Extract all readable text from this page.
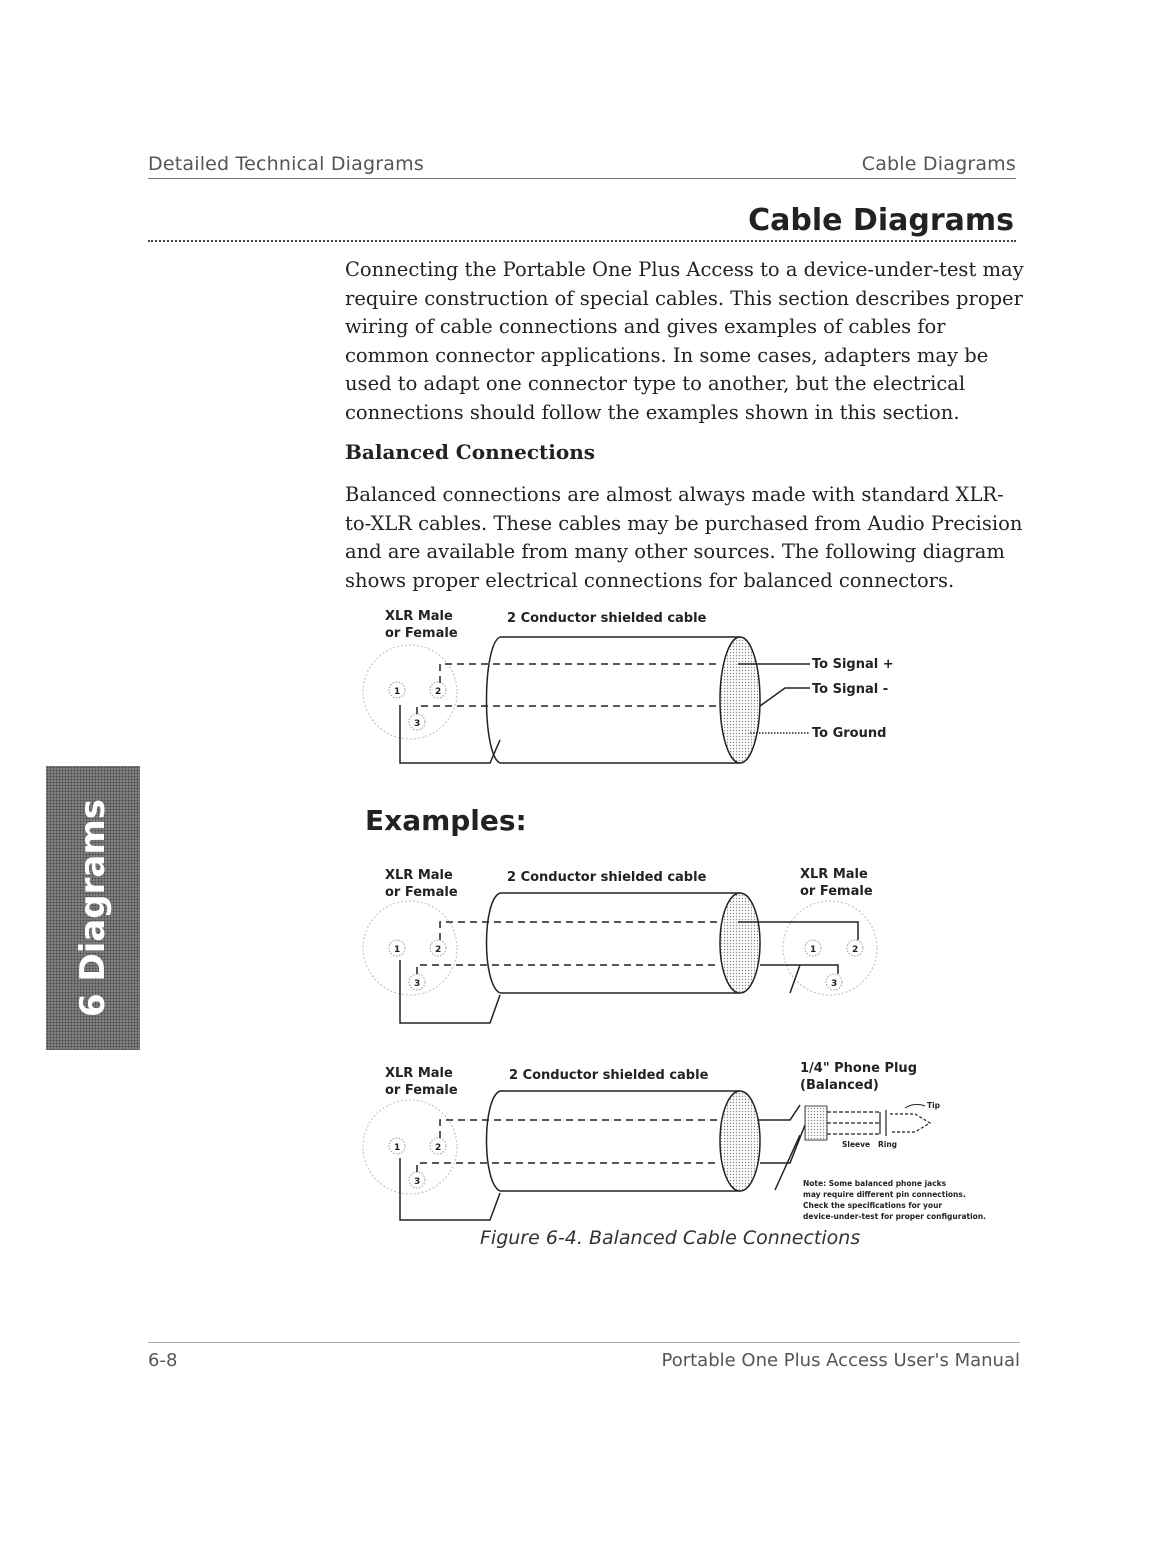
Detailed Technical Diagrams	Cable Diagrams
Cable Diagrams

Connecting the Portable One Plus Access to a device-under-test may require construction of special cables. This section describes proper wiring of cable connections and gives examples of cables for common connector applications. In some cases, adapters may be used to adapt one connector type to another, but the electrical connections should follow the examples shown in this section.

Balanced Connections

Balanced connections are almost always made with standard XLR-to-XLR cables. These cables may be purchased from Audio Precision and are available from many other sources. The following diagram shows proper electrical connections for balanced connectors.

6 Diagrams
XLR Male
or Female
2 Conductor shielded cable
1	2
3
To Signal +
To Signal -
To Ground
XLR Male
or Female
2 Conductor shielded cable	XLR Male
or Female
1	2
3
1	2
3
XLR Male
or Female
2 Conductor shielded cable	1/4" Phone Plug
(Balanced)
1	2
3
Tip
Sleeve Ring
Note: Some balanced phone jacks
may require different pin connections.
Check the specifications for your
device-under-test for proper configuration.
Examples:
Figure 6-4. Balanced Cable Connections
6-8	Portable One Plus Access User's Manual
